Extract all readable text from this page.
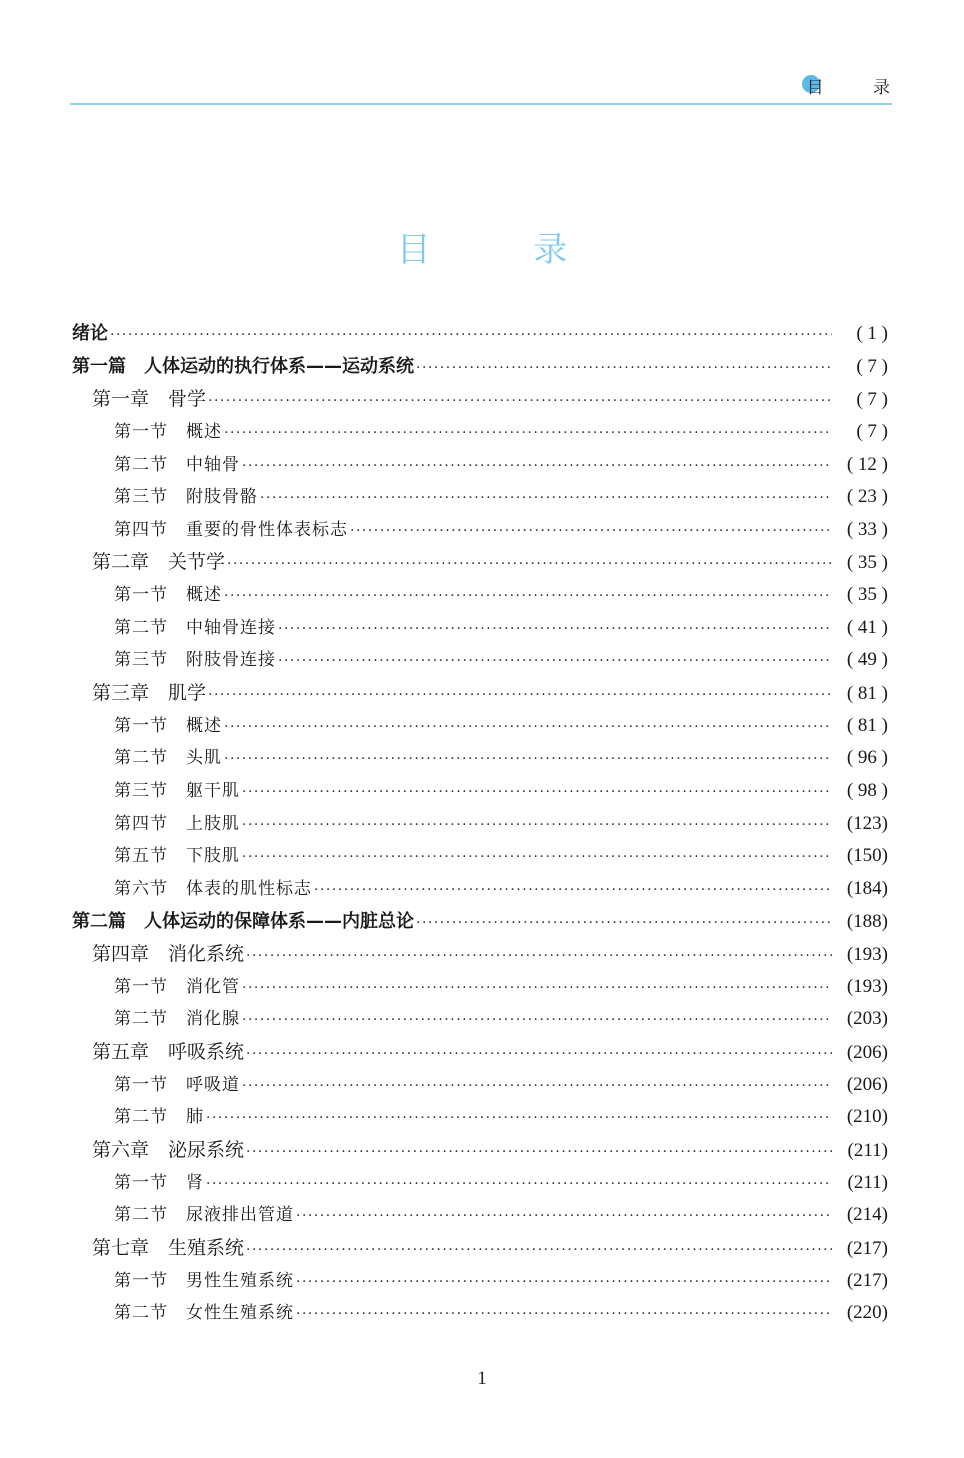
目 录
目 录
绪论 ·····	( 1 )
第一篇　人体运动的执行体系——运动系统 ·····	( 7 )
第一章　骨学 ·····	( 7 )
第一节　概述 ·····	( 7 )
第二节　中轴骨 ·····	( 12 )
第三节　附肢骨骼 ·····	( 23 )
第四节　重要的骨性体表标志 ·····	( 33 )
第二章　关节学 ·····	( 35 )
第一节　概述 ·····	( 35 )
第二节　中轴骨连接 ·····	( 41 )
第三节　附肢骨连接 ·····	( 49 )
第三章　肌学 ·····	( 81 )
第一节　概述 ·····	( 81 )
第二节　头肌 ·····	( 96 )
第三节　躯干肌 ·····	( 98 )
第四节　上肢肌 ·····	(123)
第五节　下肢肌 ·····	(150)
第六节　体表的肌性标志 ·····	(184)
第二篇　人体运动的保障体系——内脏总论 ·····	(188)
第四章　消化系统 ·····	(193)
第一节　消化管 ·····	(193)
第二节　消化腺 ·····	(203)
第五章　呼吸系统 ·····	(206)
第一节　呼吸道 ·····	(206)
第二节　肺 ·····	(210)
第六章　泌尿系统 ·····	(211)
第一节　肾 ·····	(211)
第二节　尿液排出管道 ·····	(214)
第七章　生殖系统 ·····	(217)
第一节　男性生殖系统 ·····	(217)
第二节　女性生殖系统 ·····	(220)
1
